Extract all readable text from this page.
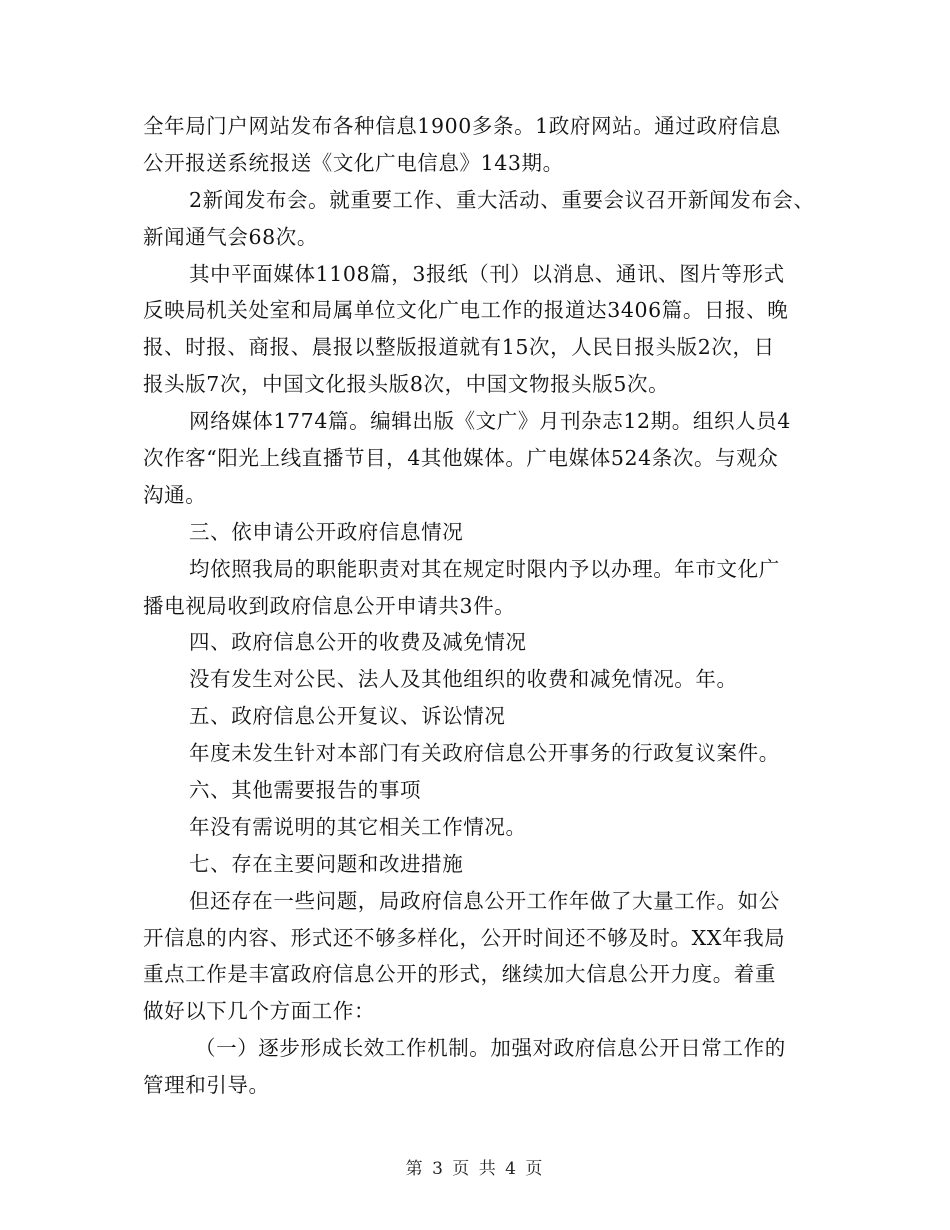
全年局门户网站发布各种信息1900多条。1政府网站。通过政府信息
公开报送系统报送《文化广电信息》143期。
2新闻发布会。就重要工作、重大活动、重要会议召开新闻发布会、
新闻通气会68次。
其中平面媒体1108篇，3报纸（刊）以消息、通讯、图片等形式
反映局机关处室和局属单位文化广电工作的报道达3406篇。日报、晚
报、时报、商报、晨报以整版报道就有15次，人民日报头版2次，日
报头版7次，中国文化报头版8次，中国文物报头版5次。
网络媒体1774篇。编辑出版《文广》月刊杂志12期。组织人员4
次作客“阳光上线直播节目，4其他媒体。广电媒体524条次。与观众
沟通。
三、依申请公开政府信息情况
均依照我局的职能职责对其在规定时限内予以办理。年市文化广
播电视局收到政府信息公开申请共3件。
四、政府信息公开的收费及减免情况
没有发生对公民、法人及其他组织的收费和减免情况。年。
五、政府信息公开复议、诉讼情况
年度未发生针对本部门有关政府信息公开事务的行政复议案件。
六、其他需要报告的事项
年没有需说明的其它相关工作情况。
七、存在主要问题和改进措施
但还存在一些问题，局政府信息公开工作年做了大量工作。如公
开信息的内容、形式还不够多样化，公开时间还不够及时。XX年我局
重点工作是丰富政府信息公开的形式，继续加大信息公开力度。着重
做好以下几个方面工作：
（一）逐步形成长效工作机制。加强对政府信息公开日常工作的
管理和引导。
第 3 页 共 4 页
